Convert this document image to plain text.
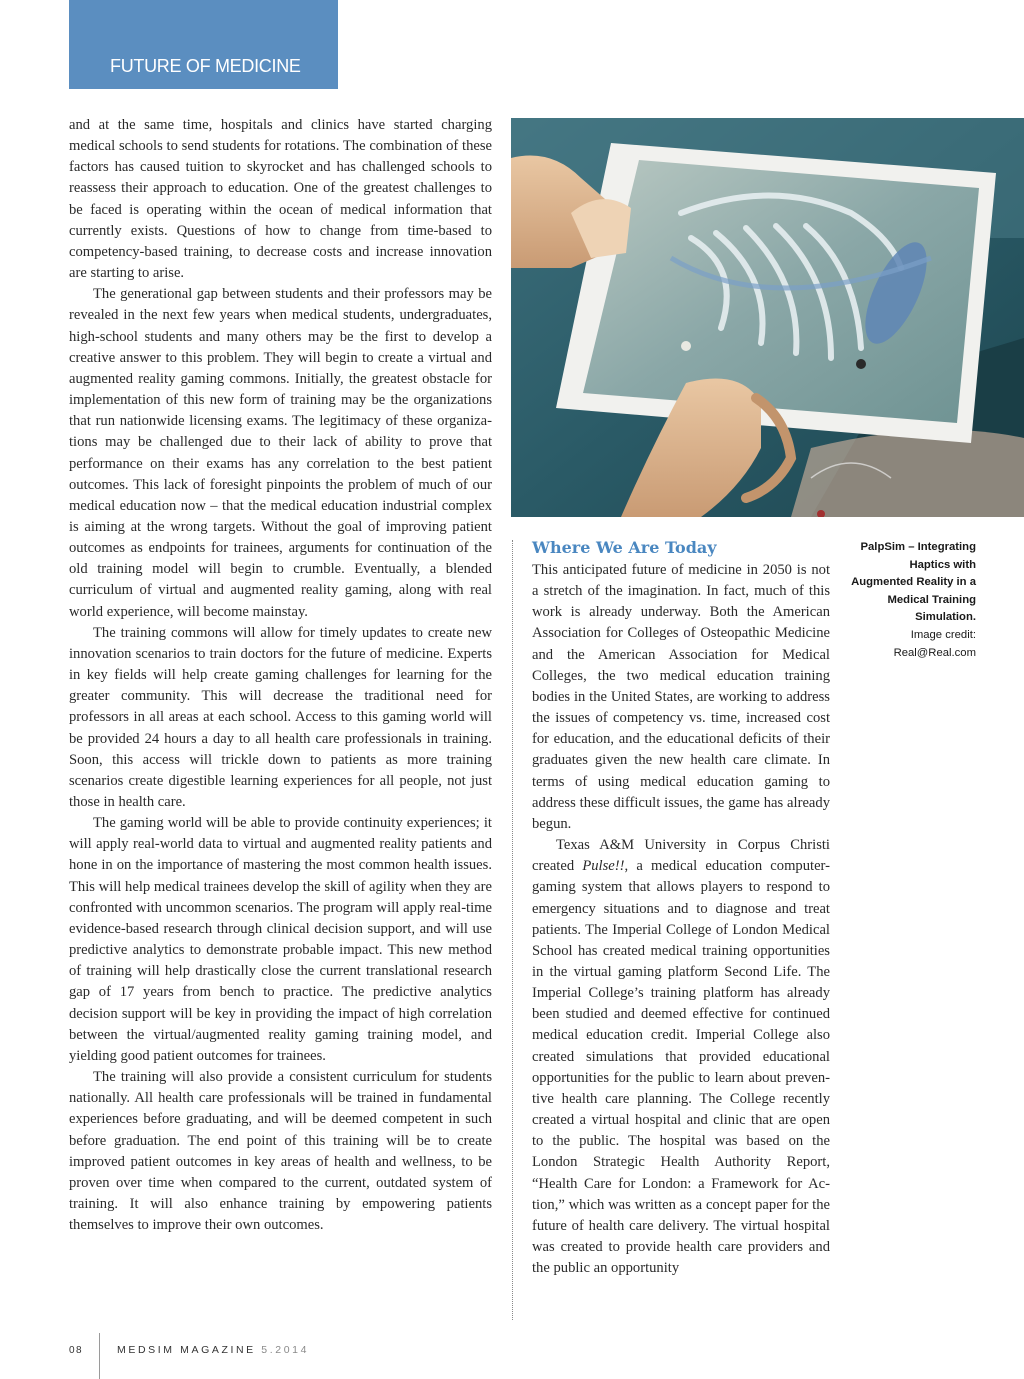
FUTURE OF MEDICINE

and at the same time, hospitals and clinics have started charging medical schools to send students for rotations. The combination of these factors has caused tuition to skyrocket and has challenged schools to reassess their approach to education. One of the greatest challenges to be faced is operating within the ocean of medical information that currently exists. Questions of how to change from time-based to competency-based training, to decrease costs and increase innovation are starting to arise.

The generational gap between students and their professors may be revealed in the next few years when medical students, undergraduates, high-school students and many others may be the first to develop a creative answer to this problem. They will begin to create a virtual and augmented reality gaming commons. Initially, the greatest obstacle for implementation of this new form of training may be the organizations that run nationwide licensing exams. The legitimacy of these organizations may be challenged due to their lack of ability to prove that performance on their exams has any correlation to the best patient outcomes. This lack of foresight pinpoints the problem of much of our medical education now – that the medical education industrial complex is aiming at the wrong targets. Without the goal of improving patient outcomes as endpoints for trainees, arguments for continuation of the old training model will begin to crumble. Eventually, a blended curriculum of virtual and augmented reality gaming, along with real world experience, will become mainstay.

The training commons will allow for timely updates to create new innovation scenarios to train doctors for the future of medicine. Experts in key fields will help create gaming challenges for learning for the greater community. This will decrease the traditional need for professors in all areas at each school. Access to this gaming world will be provided 24 hours a day to all health care professionals in training. Soon, this access will trickle down to patients as more training scenarios create digestible learning experiences for all people, not just those in health care.

The gaming world will be able to provide continuity experiences; it will apply real-world data to virtual and augmented reality patients and hone in on the importance of mastering the most common health issues. This will help medical trainees develop the skill of agility when they are confronted with uncommon scenarios. The program will apply real-time evidence-based research through clinical decision support, and will use predictive analytics to demonstrate probable impact. This new method of training will help drastically close the current translational research gap of 17 years from bench to practice. The predictive analytics decision support will be key in providing the impact of high correlation between the virtual/augmented reality gaming training model, and yielding good patient outcomes for trainees.

The training will also provide a consistent curriculum for students nationally. All health care professionals will be trained in fundamental experiences before graduating, and will be deemed competent in such before graduation. The end point of this training will be to create improved patient outcomes in key areas of health and wellness, to be proven over time when compared to the current, outdated system of training. It will also enhance training by empowering patients themselves to improve their own outcomes.

Where We Are Today

This anticipated future of medicine in 2050 is not a stretch of the imagination. In fact, much of this work is already underway. Both the American Association for Colleges of Osteopathic Medicine and the American Association for Medical Colleges, the two medical education training bodies in the United States, are working to address the issues of competency vs. time, increased cost for education, and the educational deficits of their graduates given the new health care climate. In terms of using medical education gaming to address these difficult issues, the game has already begun.

Texas A&M University in Corpus Christi created Pulse!!, a medical education computer-gaming system that allows players to respond to emergency situations and to diagnose and treat patients. The Imperial College of London Medical School has created medical training opportunities in the virtual gaming platform Second Life. The Imperial College’s training platform has already been studied and deemed effective for continued medical education credit. Imperial College also created simulations that provided educational opportunities for the public to learn about preventive health care planning. The College recently created a virtual hospital and clinic that are open to the public. The hospital was based on the London Strategic Health Authority Report, “Health Care for London: a Framework for Action,” which was written as a concept paper for the future of health care delivery. The virtual hospital was created to provide health care providers and the public an opportunity

PalpSim – Integrating Haptics with Augmented Reality in a Medical Training Simulation.
Image credit:
Real@Real.com
08	MEDSIM MAGAZINE 5.2014
